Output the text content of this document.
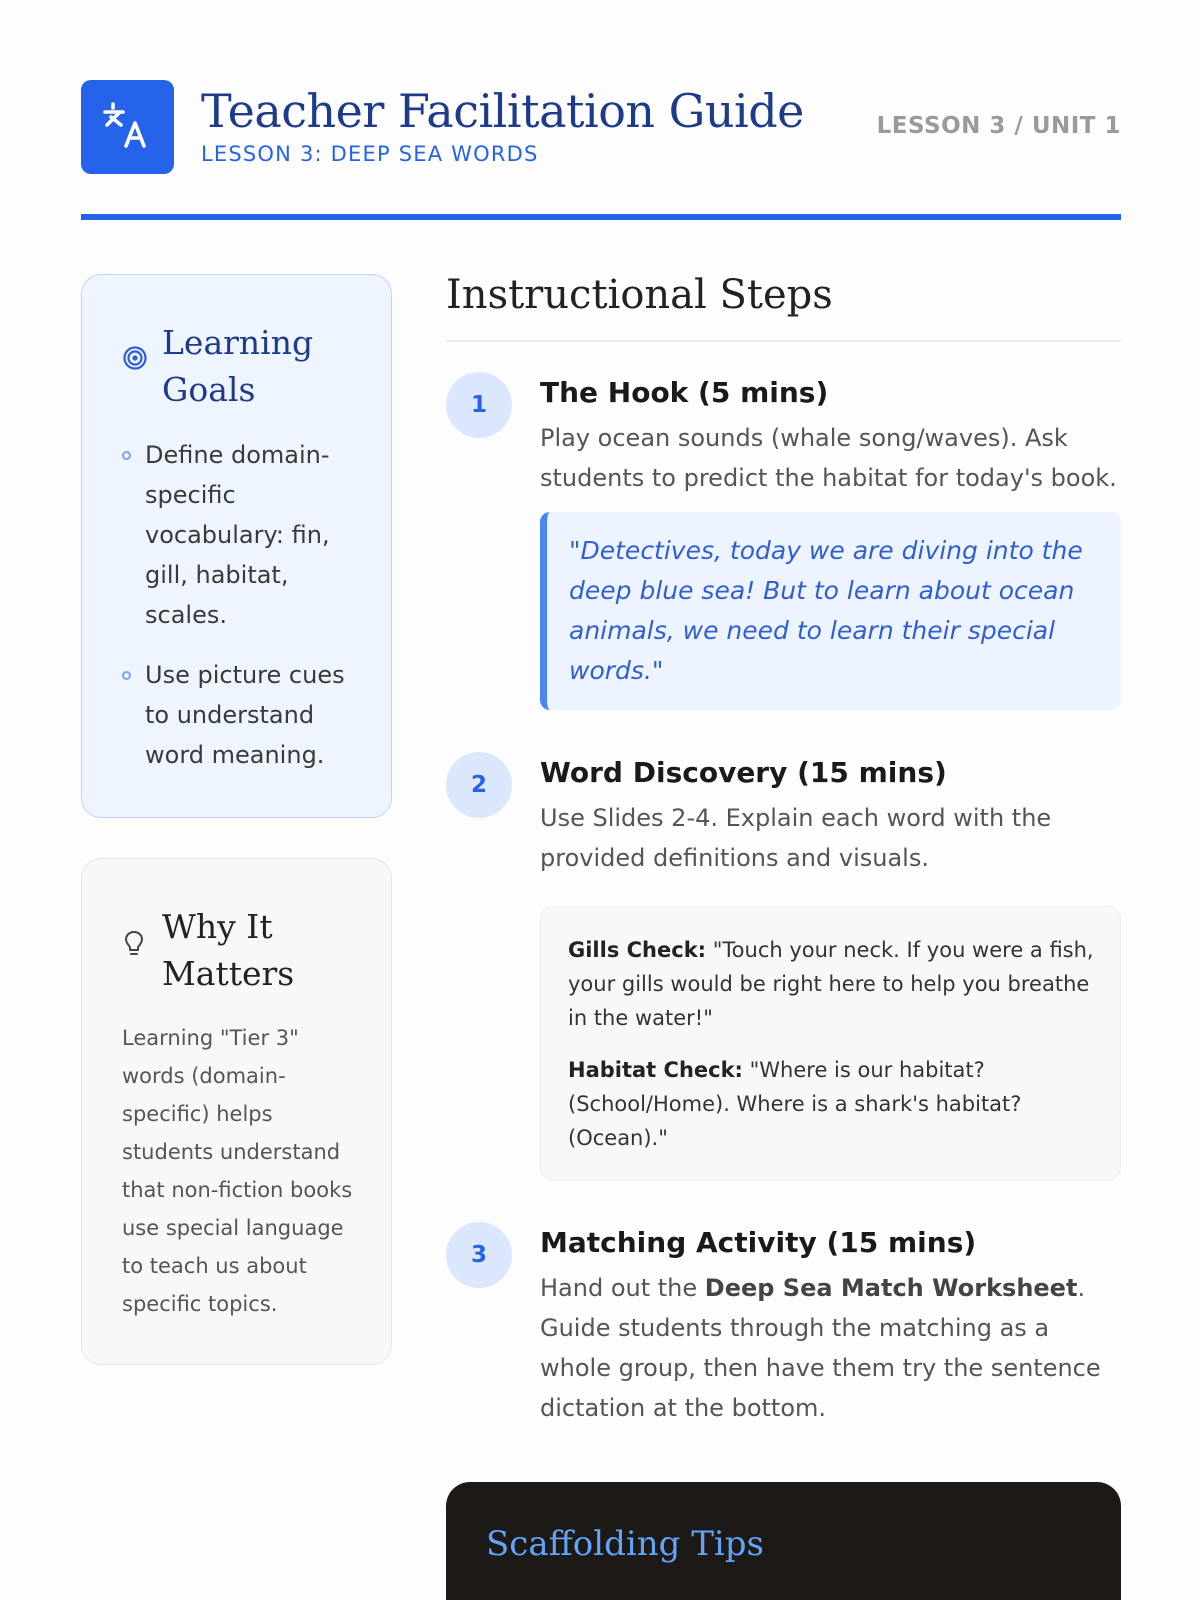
Teacher Facilitation Guide
LESSON 3: DEEP SEA WORDS
LESSON 3 / UNIT 1
Learning
Goals
Define domain-specific vocabulary: fin, gill, habitat, scales.
Use picture cues to understand word meaning.
Why It
Matters
Learning "Tier 3" words (domain-specific) helps students understand that non-fiction books use special language to teach us about specific topics.
Instructional Steps
1	The Hook (5 mins)
Play ocean sounds (whale song/waves). Ask students to predict the habitat for today's book.
"Detectives, today we are diving into the deep blue sea! But to learn about ocean animals, we need to learn their special words."
2	Word Discovery (15 mins)
Use Slides 2-4. Explain each word with the provided definitions and visuals.

Gills Check: "Touch your neck. If you were a fish, your gills would be right here to help you breathe in the water!"

Habitat Check: "Where is our habitat? (School/Home). Where is a shark's habitat? (Ocean)."

3	Matching Activity (15 mins)
Hand out the Deep Sea Match Worksheet. Guide students through the matching as a whole group, then have them try the sentence dictation at the bottom.
Scaffolding Tips
